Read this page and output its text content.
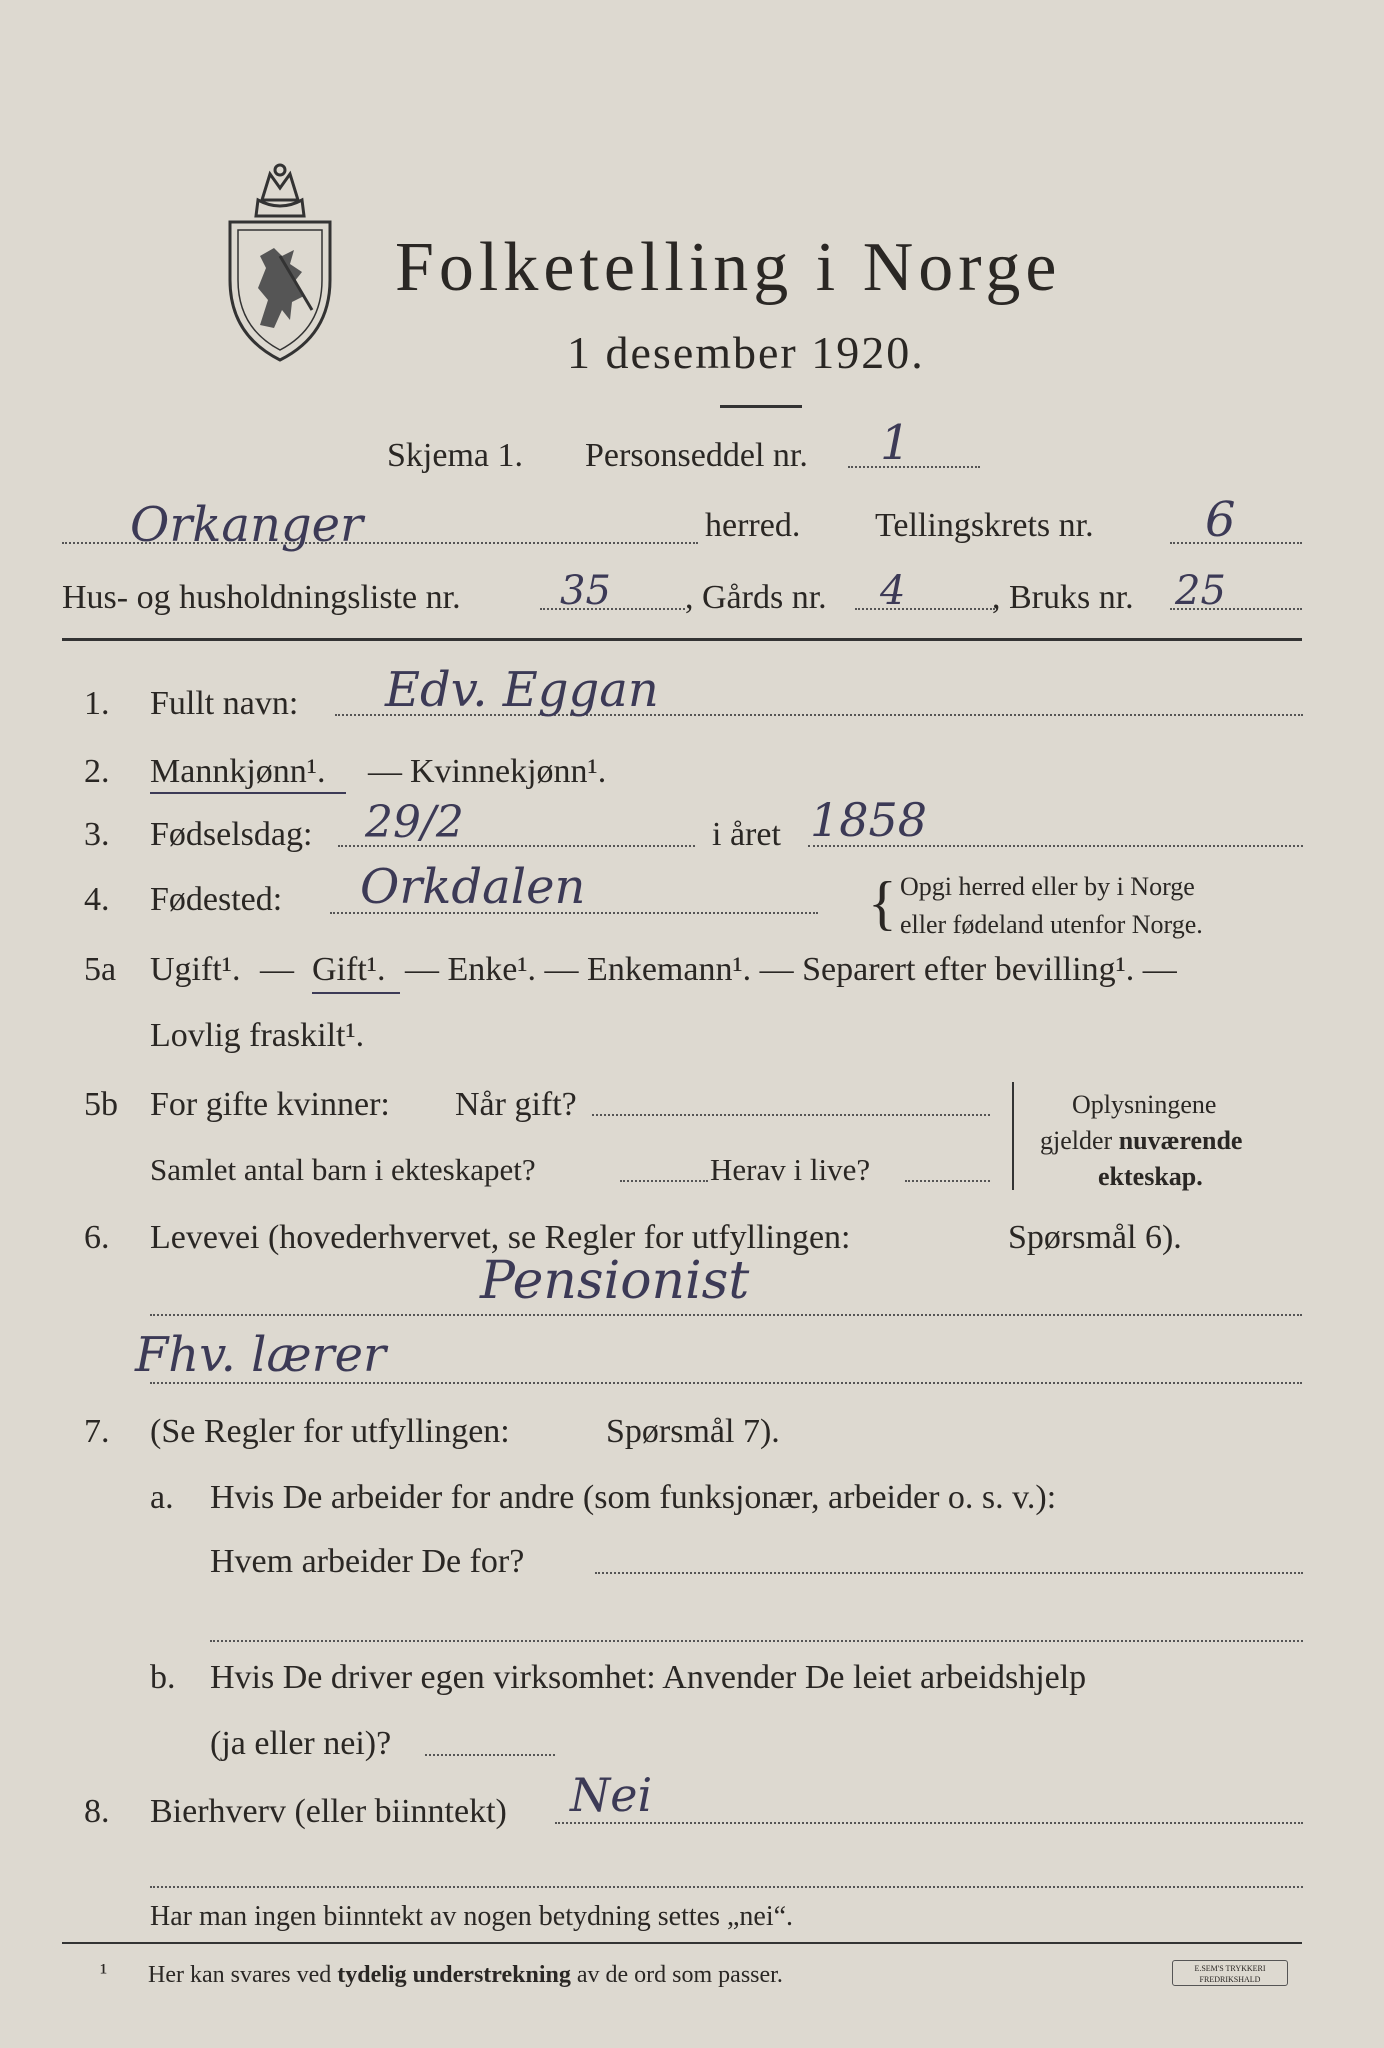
Folketelling i Norge
1 desember 1920.
Skjema 1. Personseddel nr. 1
Orkanger	herred. Tellingskrets nr. 6
Hus- og husholdningsliste nr. 35 , Gårds nr. 4	, Bruks nr. 25
1. Fullt navn: Edv. Eggan
2. Mannkjønn¹. — Kvinnekjønn¹.
3. Fødselsdag: 29/2	i året 1858
4. Fødested: Orkdalen	{ Opgi herred eller by i Norge
eller fødeland utenfor Norge.
5a Ugift¹. — Gift¹. — Enke¹. — Enkemann¹. — Separert efter bevilling¹. —
Lovlig fraskilt¹.
5b For gifte kvinner: Når gift?
Samlet antal barn i ekteskapet?	Herav i live?
Oplysningene
gjelder nuværende
ekteskap.
6. Levevei (hovederhvervet, se Regler for utfyllingen:	Spørsmål 6).
Pensionist
Fhv. lærer
7. (Se Regler for utfyllingen:	Spørsmål 7).
a. Hvis De arbeider for andre (som funksjonær, arbeider o. s. v.):
Hvem arbeider De for?
b. Hvis De driver egen virksomhet: Anvender De leiet arbeidshjelp
(ja eller nei)?
8. Bierhverv (eller biinntekt) Nei
Har man ingen biinntekt av nogen betydning settes „nei“.
¹ Her kan svares ved tydelig understrekning av de ord som passer.	E.SEM'S TRYKKERI
FREDRIKSHALD
